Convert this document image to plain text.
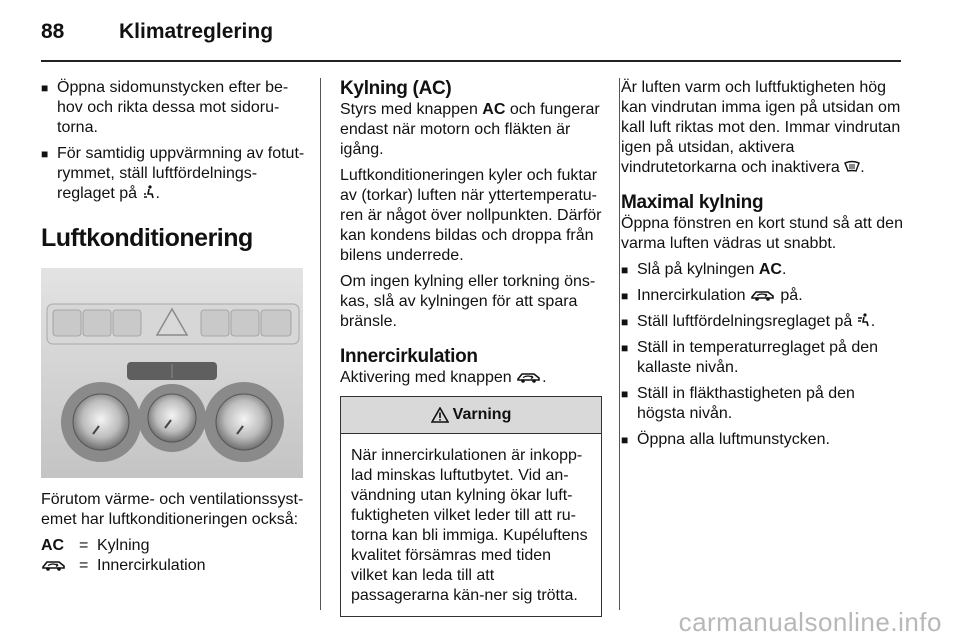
88	Klimatreglering
■ Öppna sidomunstycken efter be-hov och rikta dessa mot sidoru-torna.
■ För samtidig uppvärmning av fotut-rymmet, ställ luftfördelnings-reglaget på .
Luftkonditionering

Förutom värme- och ventilationssyst-emet har luftkonditioneringen också:

AC = Kylning
= Innercirkulation
Kylning (AC)

Styrs med knappen AC och fungerar endast när motorn och fläkten är igång.

Luftkonditioneringen kyler och fuktar av (torkar) luften när yttertemperatu-ren är något över nollpunkten. Därför kan kondens bildas och droppa från bilens underrede.

Om ingen kylning eller torkning öns-kas, slå av kylningen för att spara bränsle.

Innercirkulation

Aktivering med knappen .

Varning
När innercirkulationen är inkopp-lad minskas luftutbytet. Vid an-vändning utan kylning ökar luft-fuktigheten vilket leder till att ru-torna kan bli immiga. Kupéluftens kvalitet försämras med tiden vilket kan leda till att passagerarna kän-ner sig trötta.

Är luften varm och luftfuktigheten hög kan vindrutan imma igen på utsidan om kall luft riktas mot den. Immar vindrutan igen på utsidan, aktivera vindrutetorkarna och inaktivera .

Maximal kylning

Öppna fönstren en kort stund så att den varma luften vädras ut snabbt.

■ Slå på kylningen AC.
■ Innercirkulation  på.
■ Ställ luftfördelningsreglaget på .
■ Ställ in temperaturreglaget på den kallaste nivån.
■ Ställ in fläkthastigheten på den högsta nivån.
■ Öppna alla luftmunstycken.
carmanualsonline.info
